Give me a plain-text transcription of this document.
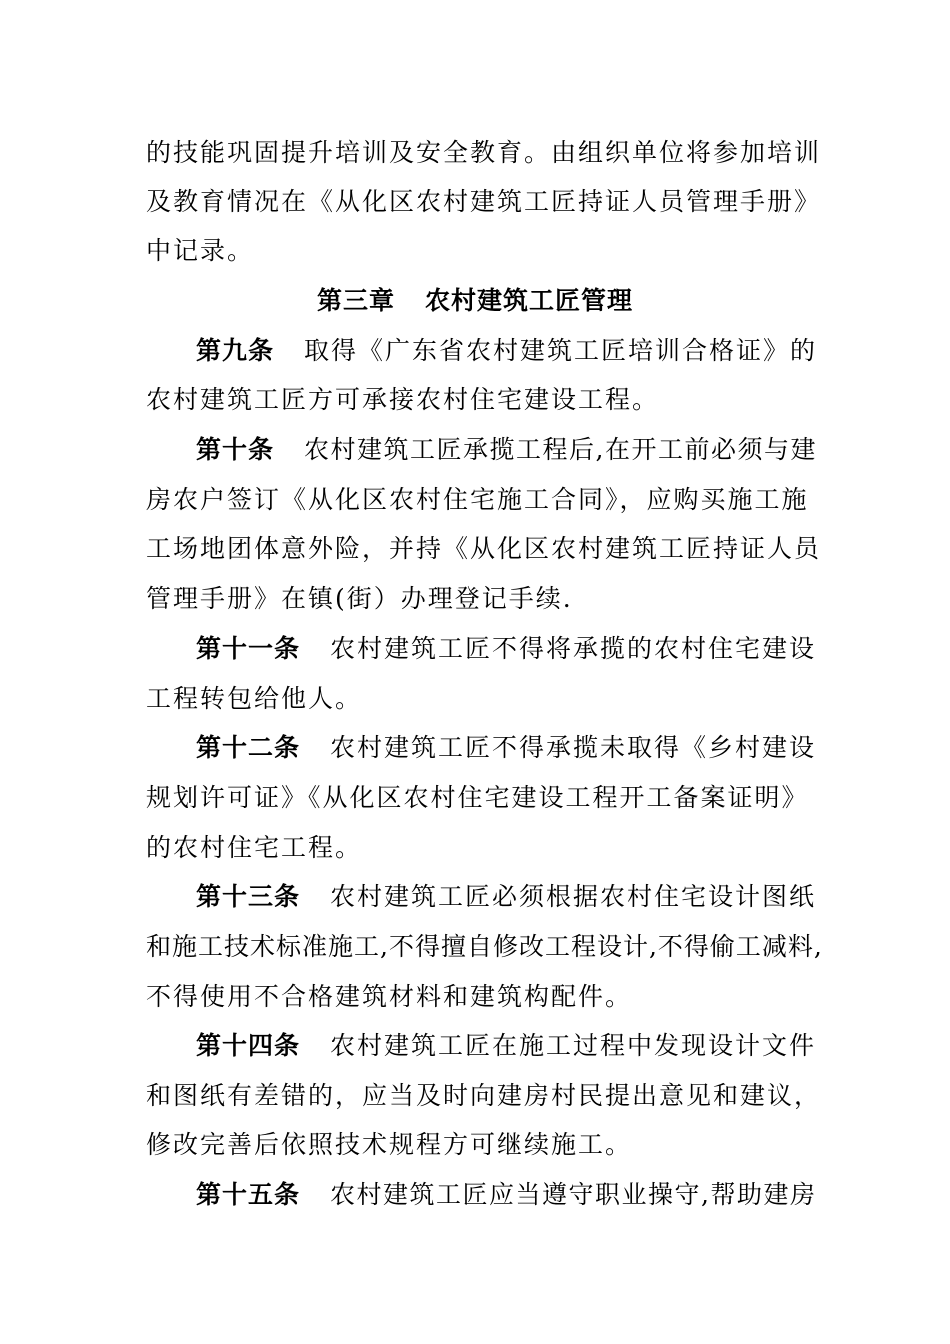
的技能巩固提升培训及安全教育。由组织单位将参加培训
及教育情况在《从化区农村建筑工匠持证人员管理手册》
中记录。
第三章 农村建筑工匠管理
第九条 取得《广东省农村建筑工匠培训合格证》的
农村建筑工匠方可承接农村住宅建设工程。
第十条 农村建筑工匠承揽工程后,在开工前必须与建
房农户签订《从化区农村住宅施工合同》，应购买施工施
工场地团体意外险，并持《从化区农村建筑工匠持证人员
管理手册》在镇(街）办理登记手续.
第十一条 农村建筑工匠不得将承揽的农村住宅建设
工程转包给他人。
第十二条 农村建筑工匠不得承揽未取得《乡村建设
规划许可证》《从化区农村住宅建设工程开工备案证明》
的农村住宅工程。
第十三条 农村建筑工匠必须根据农村住宅设计图纸
和施工技术标准施工,不得擅自修改工程设计,不得偷工减料,
不得使用不合格建筑材料和建筑构配件。
第十四条 农村建筑工匠在施工过程中发现设计文件
和图纸有差错的，应当及时向建房村民提出意见和建议，
修改完善后依照技术规程方可继续施工。
第十五条 农村建筑工匠应当遵守职业操守,帮助建房
